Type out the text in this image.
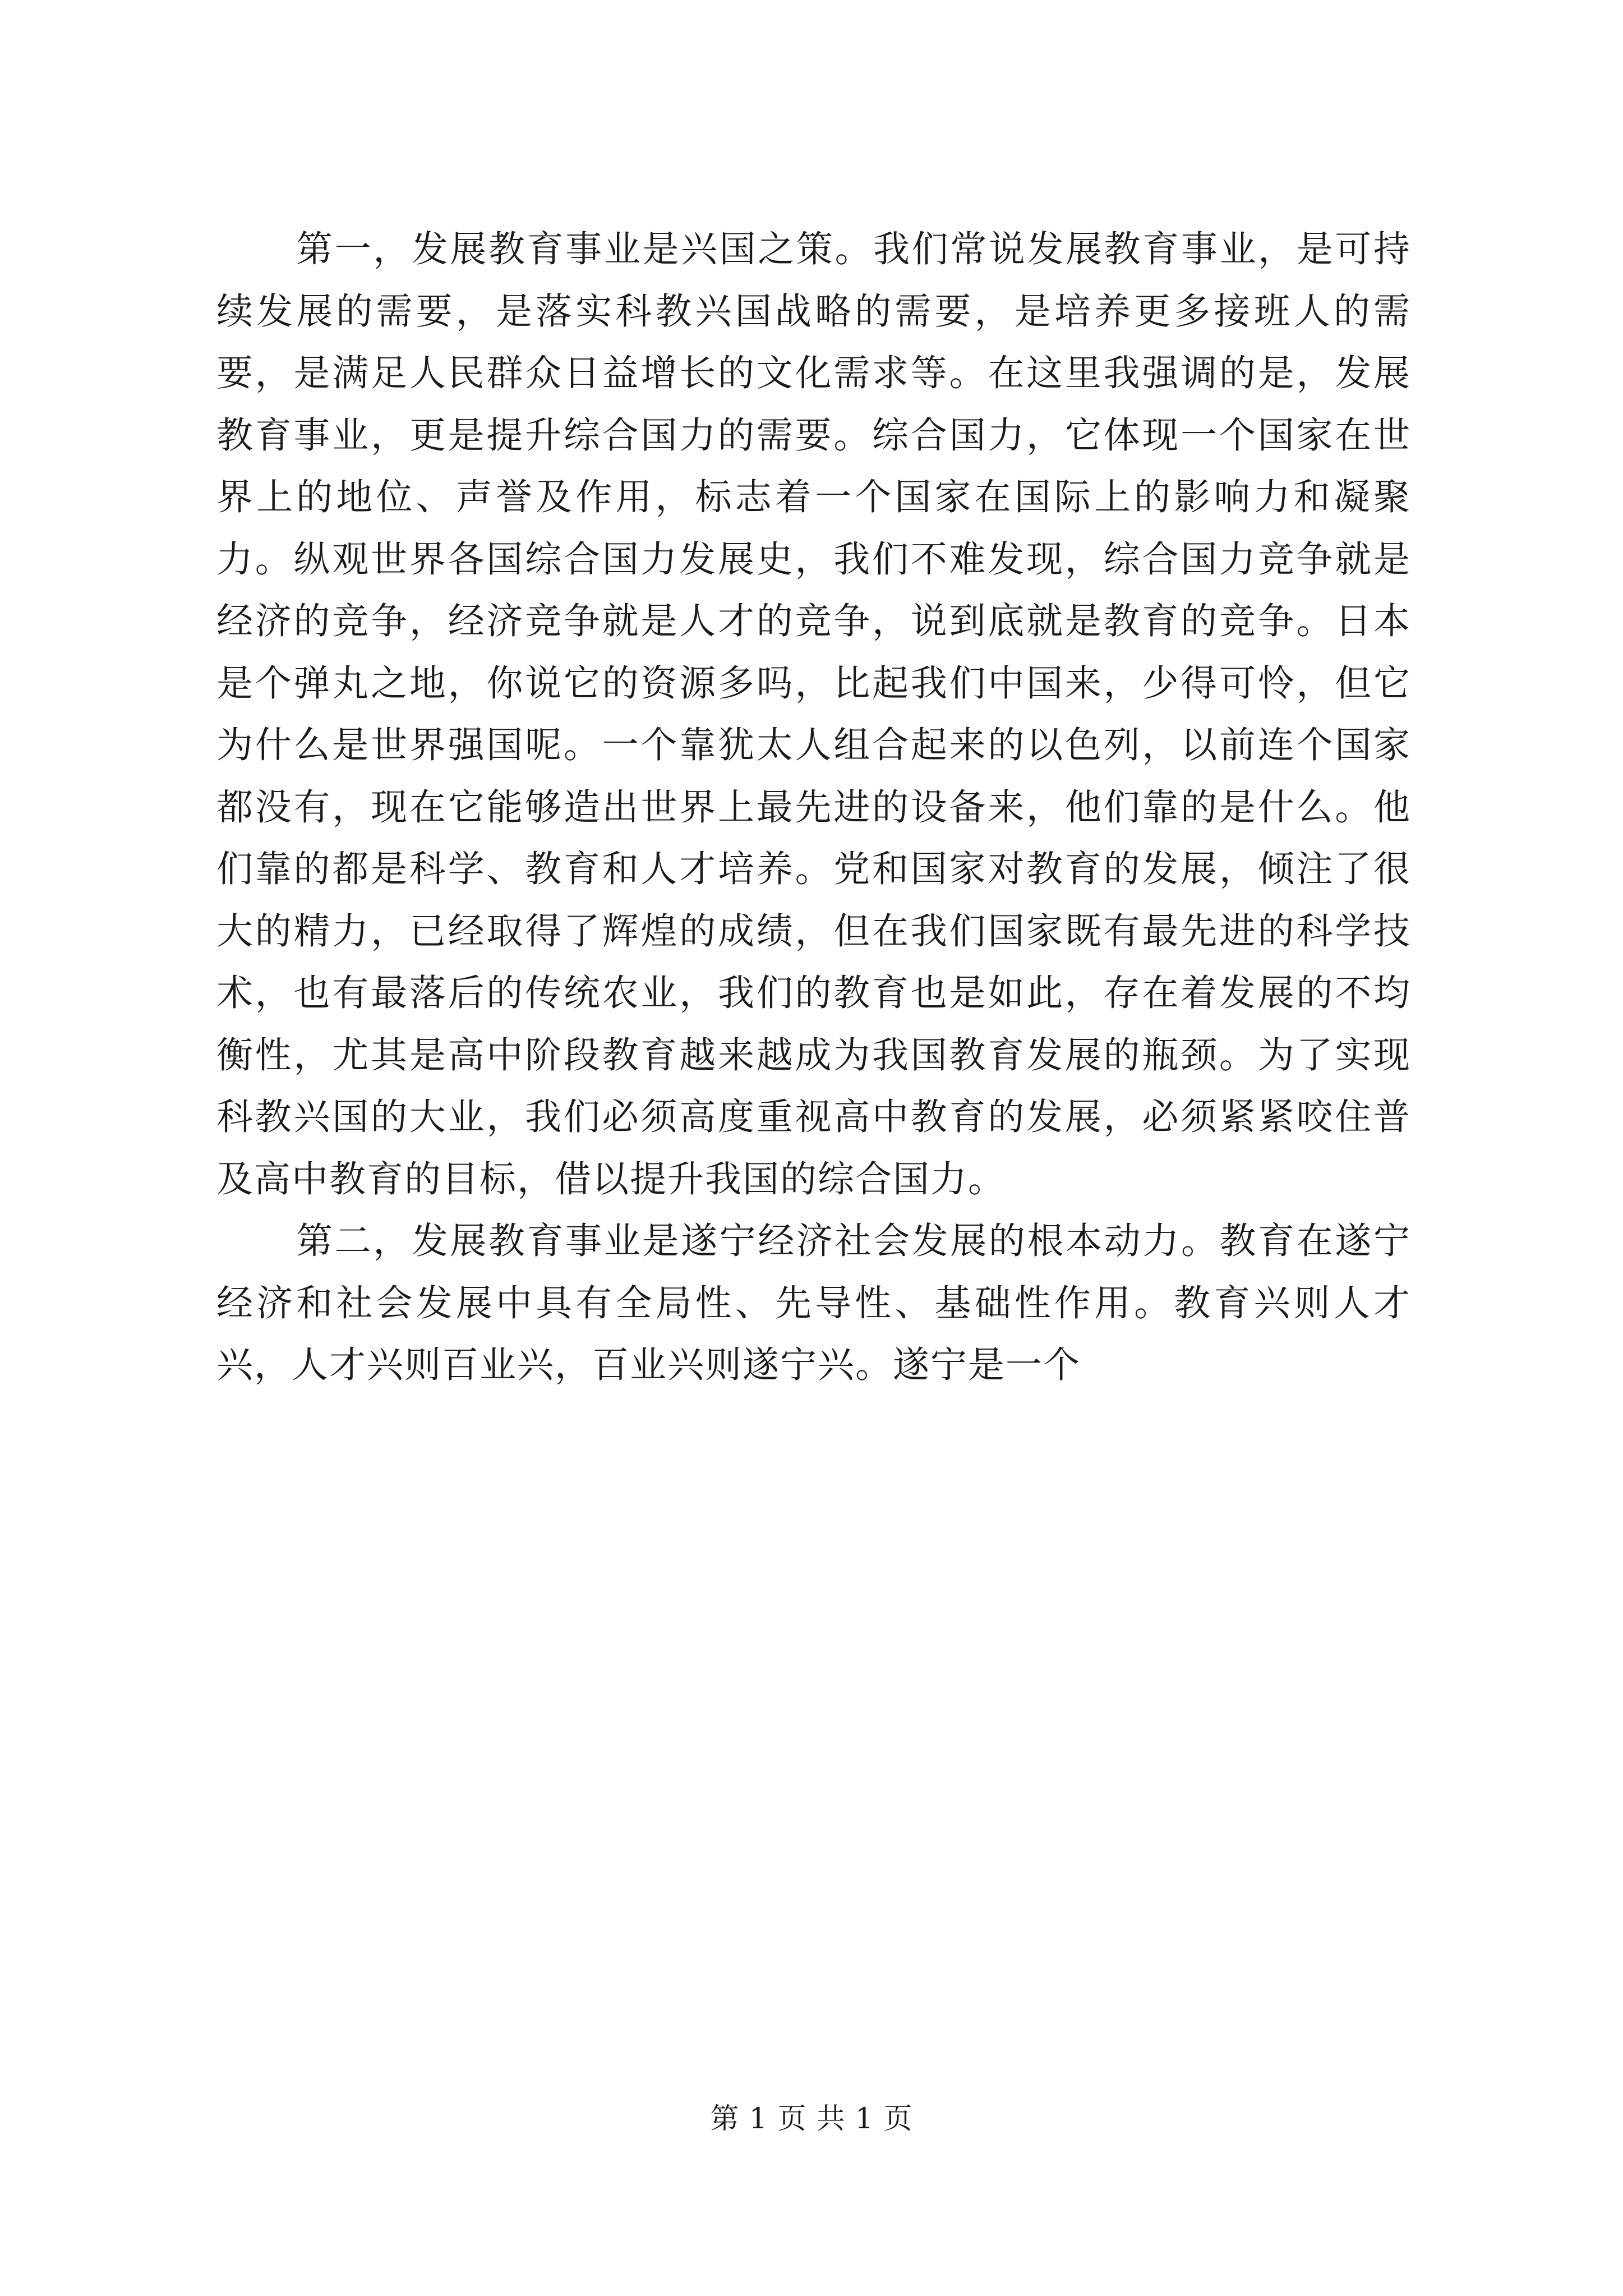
第一，发展教育事业是兴国之策。我们常说发展教育事业，是可持续发展的需要，是落实科教兴国战略的需要，是培养更多接班人的需要，是满足人民群众日益增长的文化需求等。在这里我强调的是，发展教育事业，更是提升综合国力的需要。综合国力，它体现一个国家在世界上的地位、声誉及作用，标志着一个国家在国际上的影响力和凝聚力。纵观世界各国综合国力发展史，我们不难发现，综合国力竞争就是经济的竞争，经济竞争就是人才的竞争，说到底就是教育的竞争。日本是个弹丸之地，你说它的资源多吗，比起我们中国来，少得可怜，但它为什么是世界强国呢。一个靠犹太人组合起来的以色列，以前连个国家都没有，现在它能够造出世界上最先进的设备来，他们靠的是什么。他们靠的都是科学、教育和人才培养。党和国家对教育的发展，倾注了很大的精力，已经取得了辉煌的成绩，但在我们国家既有最先进的科学技术，也有最落后的传统农业，我们的教育也是如此，存在着发展的不均衡性，尤其是高中阶段教育越来越成为我国教育发展的瓶颈。为了实现科教兴国的大业，我们必须高度重视高中教育的发展，必须紧紧咬住普及高中教育的目标，借以提升我国的综合国力。

第二，发展教育事业是遂宁经济社会发展的根本动力。教育在遂宁经济和社会发展中具有全局性、先导性、基础性作用。教育兴则人才兴，人才兴则百业兴，百业兴则遂宁兴。遂宁是一个

第 1 页 共 1 页
